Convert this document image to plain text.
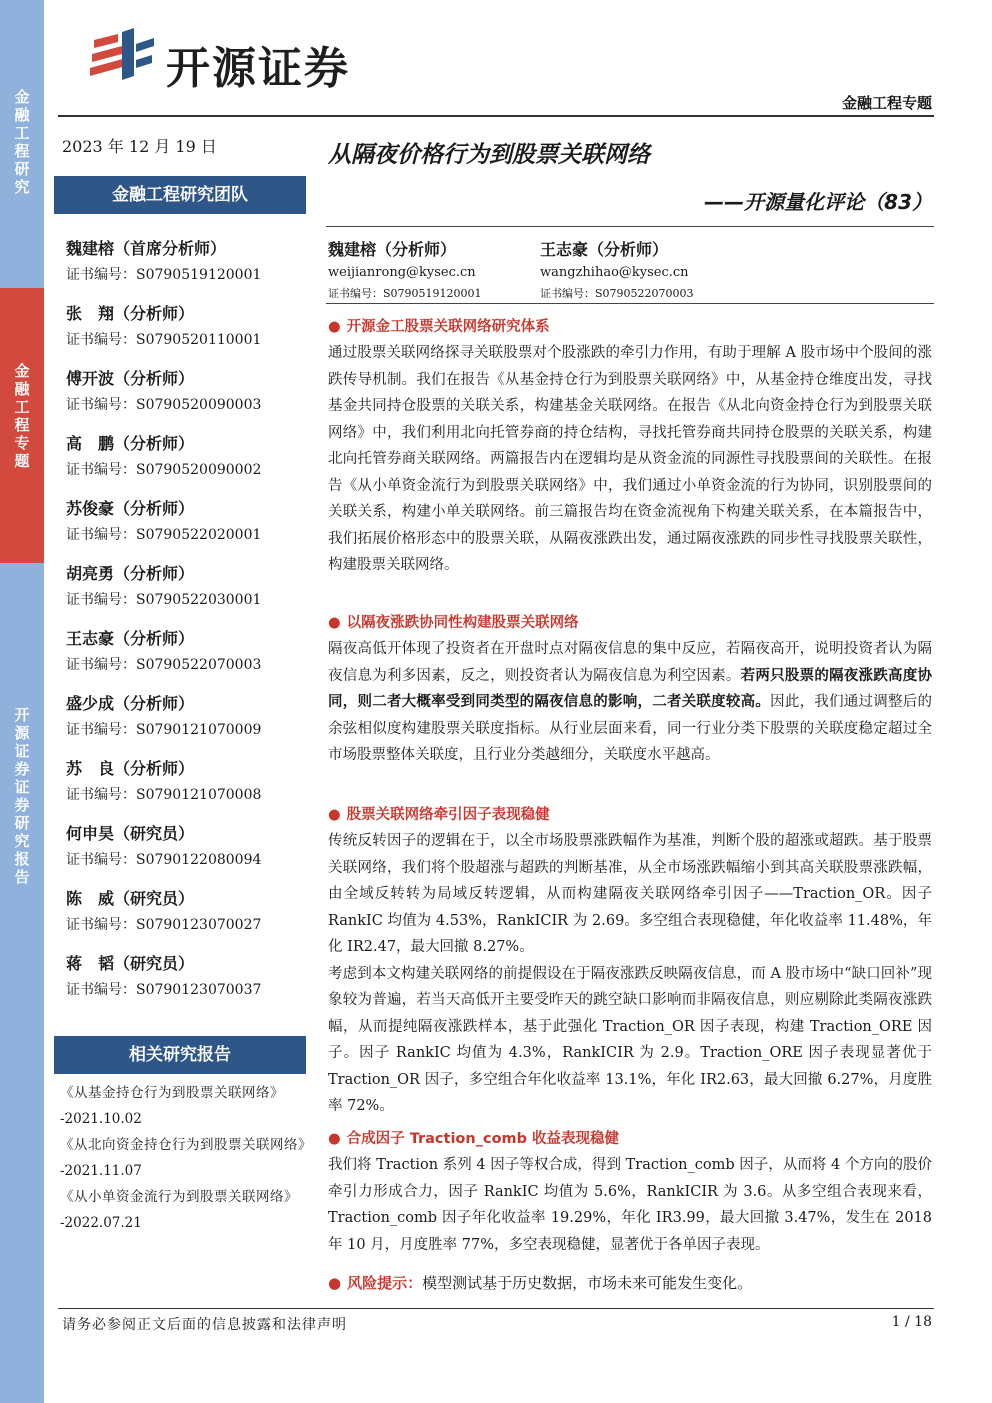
金融工程研究
金融工程专题
开源证券 证券研究报告
开源证券
金融工程专题
2023 年 12 月 19 日
金融工程研究团队
魏建榕（首席分析师）
证书编号：S0790519120001
张　翔（分析师）
证书编号：S0790520110001
傅开波（分析师）
证书编号：S0790520090003
高　鹏（分析师）
证书编号：S0790520090002
苏俊豪（分析师）
证书编号：S0790522020001
胡亮勇（分析师）
证书编号：S0790522030001
王志豪（分析师）
证书编号：S0790522070003
盛少成（分析师）
证书编号：S0790121070009
苏　良（分析师）
证书编号：S0790121070008
何申昊（研究员）
证书编号：S0790122080094
陈　威（研究员）
证书编号：S0790123070027
蒋　韬（研究员）
证书编号：S0790123070037
相关研究报告
《从基金持仓行为到股票关联网络》
-2021.10.02
《从北向资金持仓行为到股票关联网络》
-2021.11.07
《从小单资金流行为到股票关联网络》
-2022.07.21
从隔夜价格行为到股票关联网络
——开源量化评论（83）
魏建榕（分析师）
weijianrong@kysec.cn
证书编号：S0790519120001
王志豪（分析师）
wangzhihao@kysec.cn
证书编号：S0790522070003
● 开源金工股票关联网络研究体系

通过股票关联网络探寻关联股票对个股涨跌的牵引力作用，有助于理解 A 股市场中个股间的涨跌传导机制。我们在报告《从基金持仓行为到股票关联网络》中，从基金持仓维度出发，寻找基金共同持仓股票的关联关系，构建基金关联网络。在报告《从北向资金持仓行为到股票关联网络》中，我们利用北向托管券商的持仓结构，寻找托管券商共同持仓股票的关联关系，构建北向托管券商关联网络。两篇报告内在逻辑均是从资金流的同源性寻找股票间的关联性。在报告《从小单资金流行为到股票关联网络》中，我们通过小单资金流的行为协同，识别股票间的关联关系，构建小单关联网络。前三篇报告均在资金流视角下构建关联关系，在本篇报告中，我们拓展价格形态中的股票关联，从隔夜涨跌出发，通过隔夜涨跌的同步性寻找股票关联性，构建股票关联网络。

● 以隔夜涨跌协同性构建股票关联网络

隔夜高低开体现了投资者在开盘时点对隔夜信息的集中反应，若隔夜高开，说明投资者认为隔夜信息为利多因素，反之，则投资者认为隔夜信息为利空因素。若两只股票的隔夜涨跌高度协同，则二者大概率受到同类型的隔夜信息的影响，二者关联度较高。因此，我们通过调整后的余弦相似度构建股票关联度指标。从行业层面来看，同一行业分类下股票的关联度稳定超过全市场股票整体关联度，且行业分类越细分，关联度水平越高。

● 股票关联网络牵引因子表现稳健

传统反转因子的逻辑在于，以全市场股票涨跌幅作为基准，判断个股的超涨或超跌。基于股票关联网络，我们将个股超涨与超跌的判断基准，从全市场涨跌幅缩小到其高关联股票涨跌幅，由全域反转转为局域反转逻辑，从而构建隔夜关联网络牵引因子——Traction_OR。因子 RankIC 均值为 4.53%，RankICIR 为 2.69。多空组合表现稳健，年化收益率 11.48%，年化 IR2.47，最大回撤 8.27%。

考虑到本文构建关联网络的前提假设在于隔夜涨跌反映隔夜信息，而 A 股市场中“缺口回补”现象较为普遍，若当天高低开主要受昨天的跳空缺口影响而非隔夜信息，则应剔除此类隔夜涨跌幅，从而提纯隔夜涨跌样本，基于此强化 Traction_OR 因子表现，构建 Traction_ORE 因子。因子 RankIC 均值为 4.3%，RankICIR 为 2.9。Traction_ORE 因子表现显著优于 Traction_OR 因子，多空组合年化收益率 13.1%，年化 IR2.63，最大回撤 6.27%，月度胜率 72%。

● 合成因子 Traction_comb 收益表现稳健

我们将 Traction 系列 4 因子等权合成，得到 Traction_comb 因子，从而将 4 个方向的股价牵引力形成合力，因子 RankIC 均值为 5.6%，RankICIR 为 3.6。从多空组合表现来看，Traction_comb 因子年化收益率 19.29%，年化 IR3.99，最大回撤 3.47%，发生在 2018 年 10 月，月度胜率 77%，多空表现稳健，显著优于各单因子表现。

● 风险提示：模型测试基于历史数据，市场未来可能发生变化。
请务必参阅正文后面的信息披露和法律声明	1 / 18
